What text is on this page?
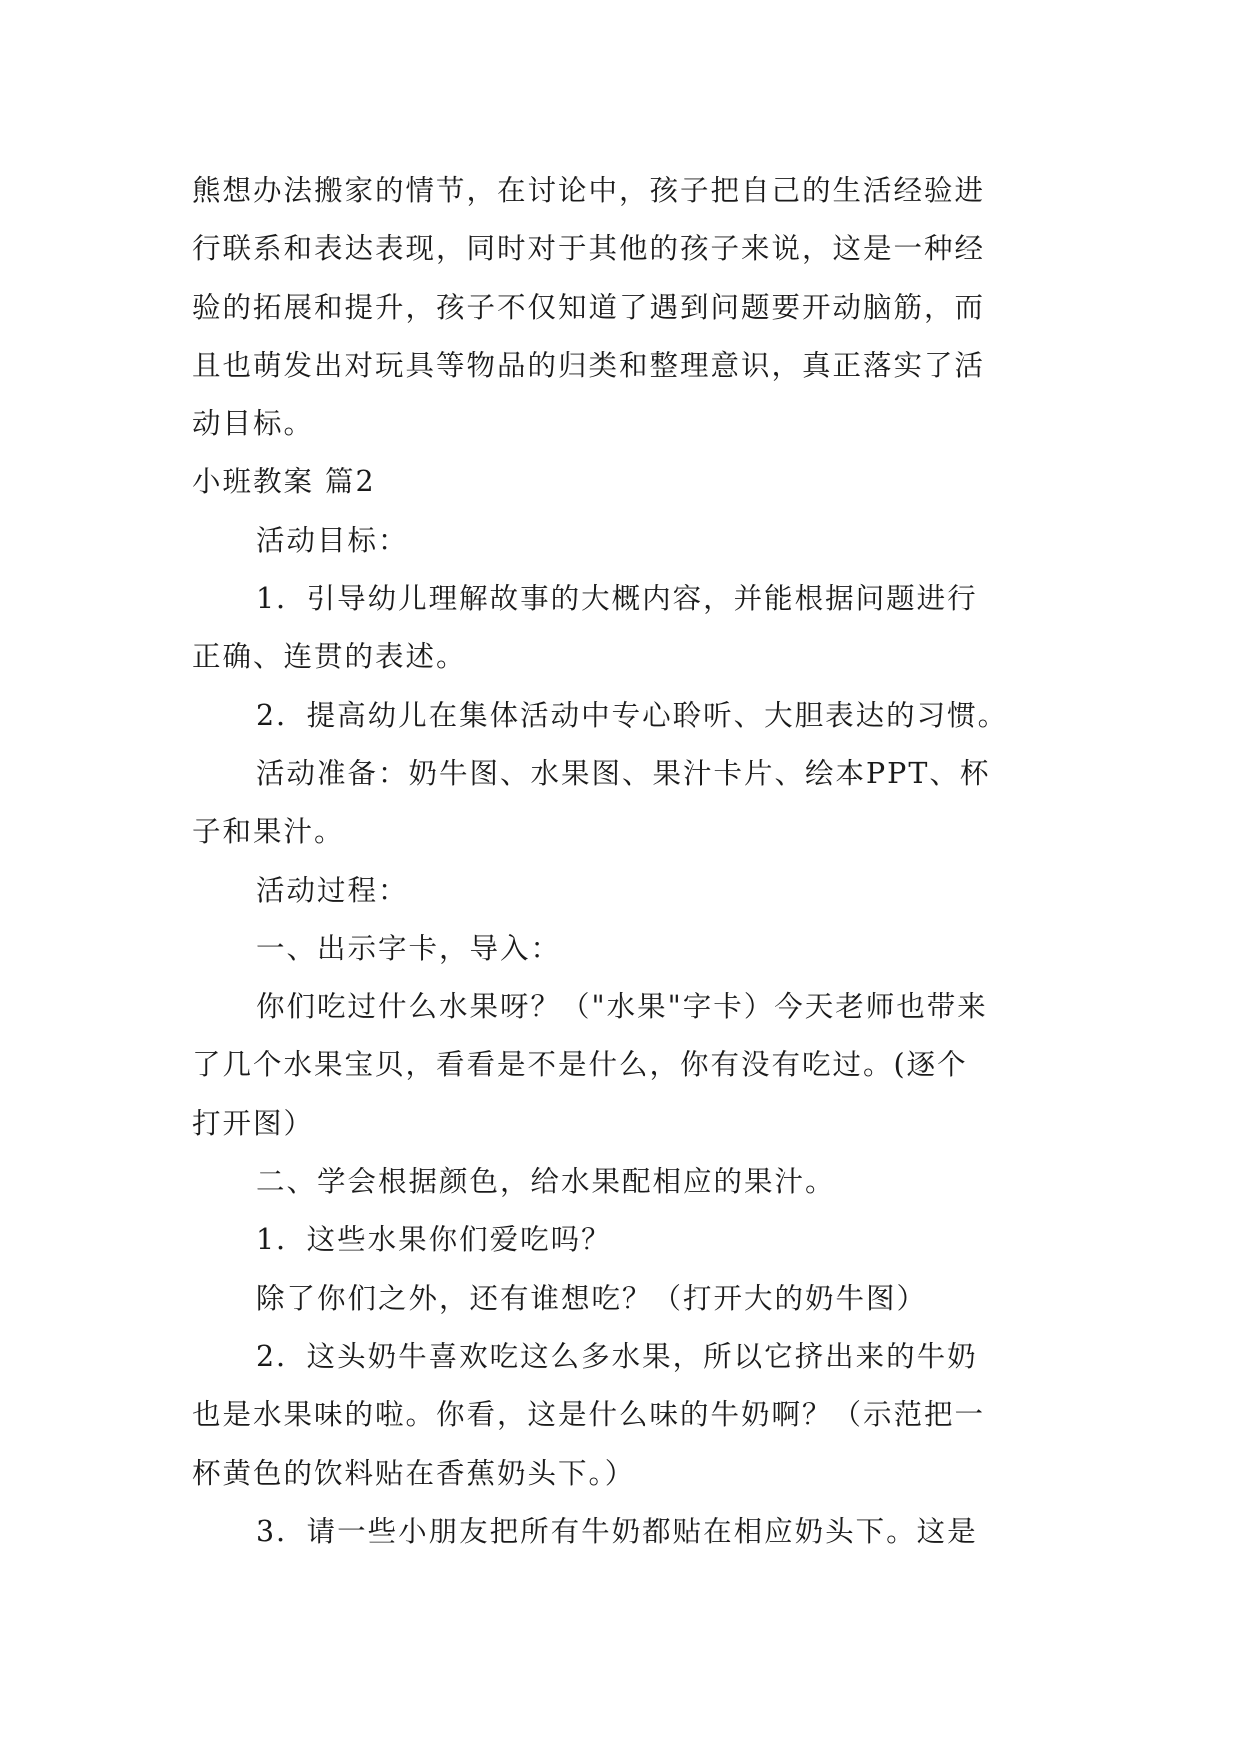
熊想办法搬家的情节，在讨论中，孩子把自己的生活经验进
行联系和表达表现，同时对于其他的孩子来说，这是一种经
验的拓展和提升，孩子不仅知道了遇到问题要开动脑筋，而
且也萌发出对玩具等物品的归类和整理意识，真正落实了活
动目标。
小班教案 篇2
活动目标：
1．引导幼儿理解故事的大概内容，并能根据问题进行
正确、连贯的表述。
2．提高幼儿在集体活动中专心聆听、大胆表达的习惯。
活动准备：奶牛图、水果图、果汁卡片、绘本PPT、杯
子和果汁。
活动过程：
一、出示字卡，导入：
你们吃过什么水果呀？（"水果"字卡）今天老师也带来
了几个水果宝贝，看看是不是什么，你有没有吃过。(逐个
打开图）
二、学会根据颜色，给水果配相应的果汁。
1．这些水果你们爱吃吗？
除了你们之外，还有谁想吃？（打开大的奶牛图）
2．这头奶牛喜欢吃这么多水果，所以它挤出来的牛奶
也是水果味的啦。你看，这是什么味的牛奶啊？（示范把一
杯黄色的饮料贴在香蕉奶头下。）
3．请一些小朋友把所有牛奶都贴在相应奶头下。这是
